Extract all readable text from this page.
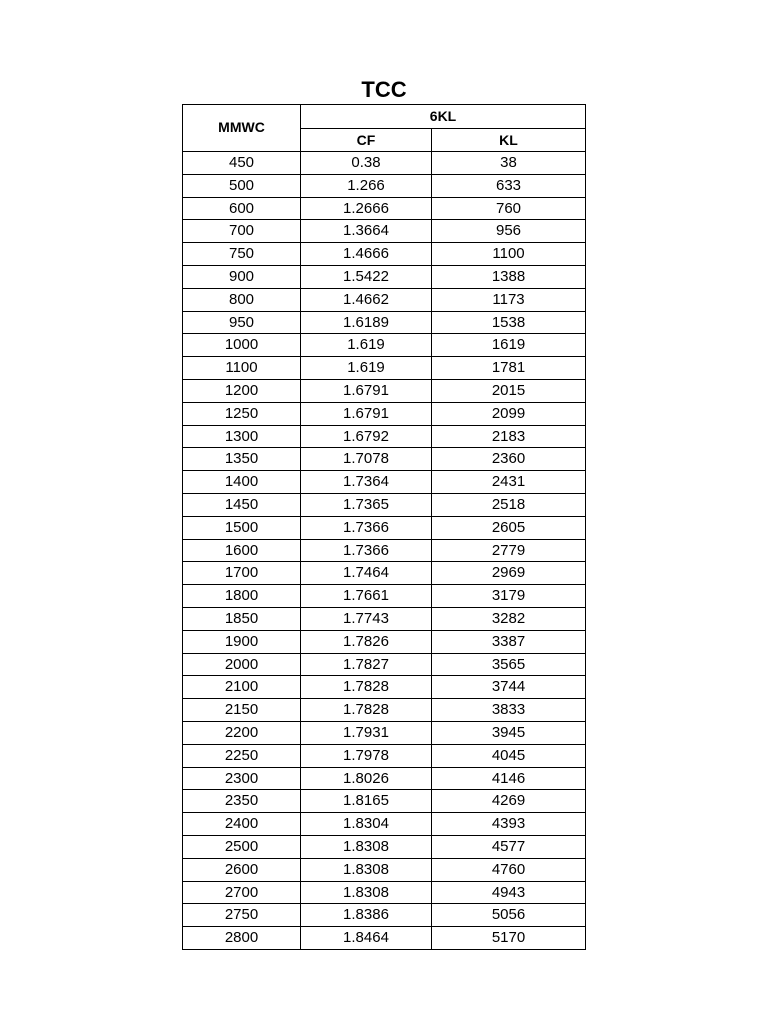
TCC
MMWC	6KL	
	CF	KL
450	0.38	38
500	1.266	633
600	1.2666	760
700	1.3664	956
750	1.4666	1100
900	1.5422	1388
800	1.4662	1173
950	1.6189	1538
1000	1.619	1619
1100	1.619	1781
1200	1.6791	2015
1250	1.6791	2099
1300	1.6792	2183
1350	1.7078	2360
1400	1.7364	2431
1450	1.7365	2518
1500	1.7366	2605
1600	1.7366	2779
1700	1.7464	2969
1800	1.7661	3179
1850	1.7743	3282
1900	1.7826	3387
2000	1.7827	3565
2100	1.7828	3744
2150	1.7828	3833
2200	1.7931	3945
2250	1.7978	4045
2300	1.8026	4146
2350	1.8165	4269
2400	1.8304	4393
2500	1.8308	4577
2600	1.8308	4760
2700	1.8308	4943
2750	1.8386	5056
2800	1.8464	5170
